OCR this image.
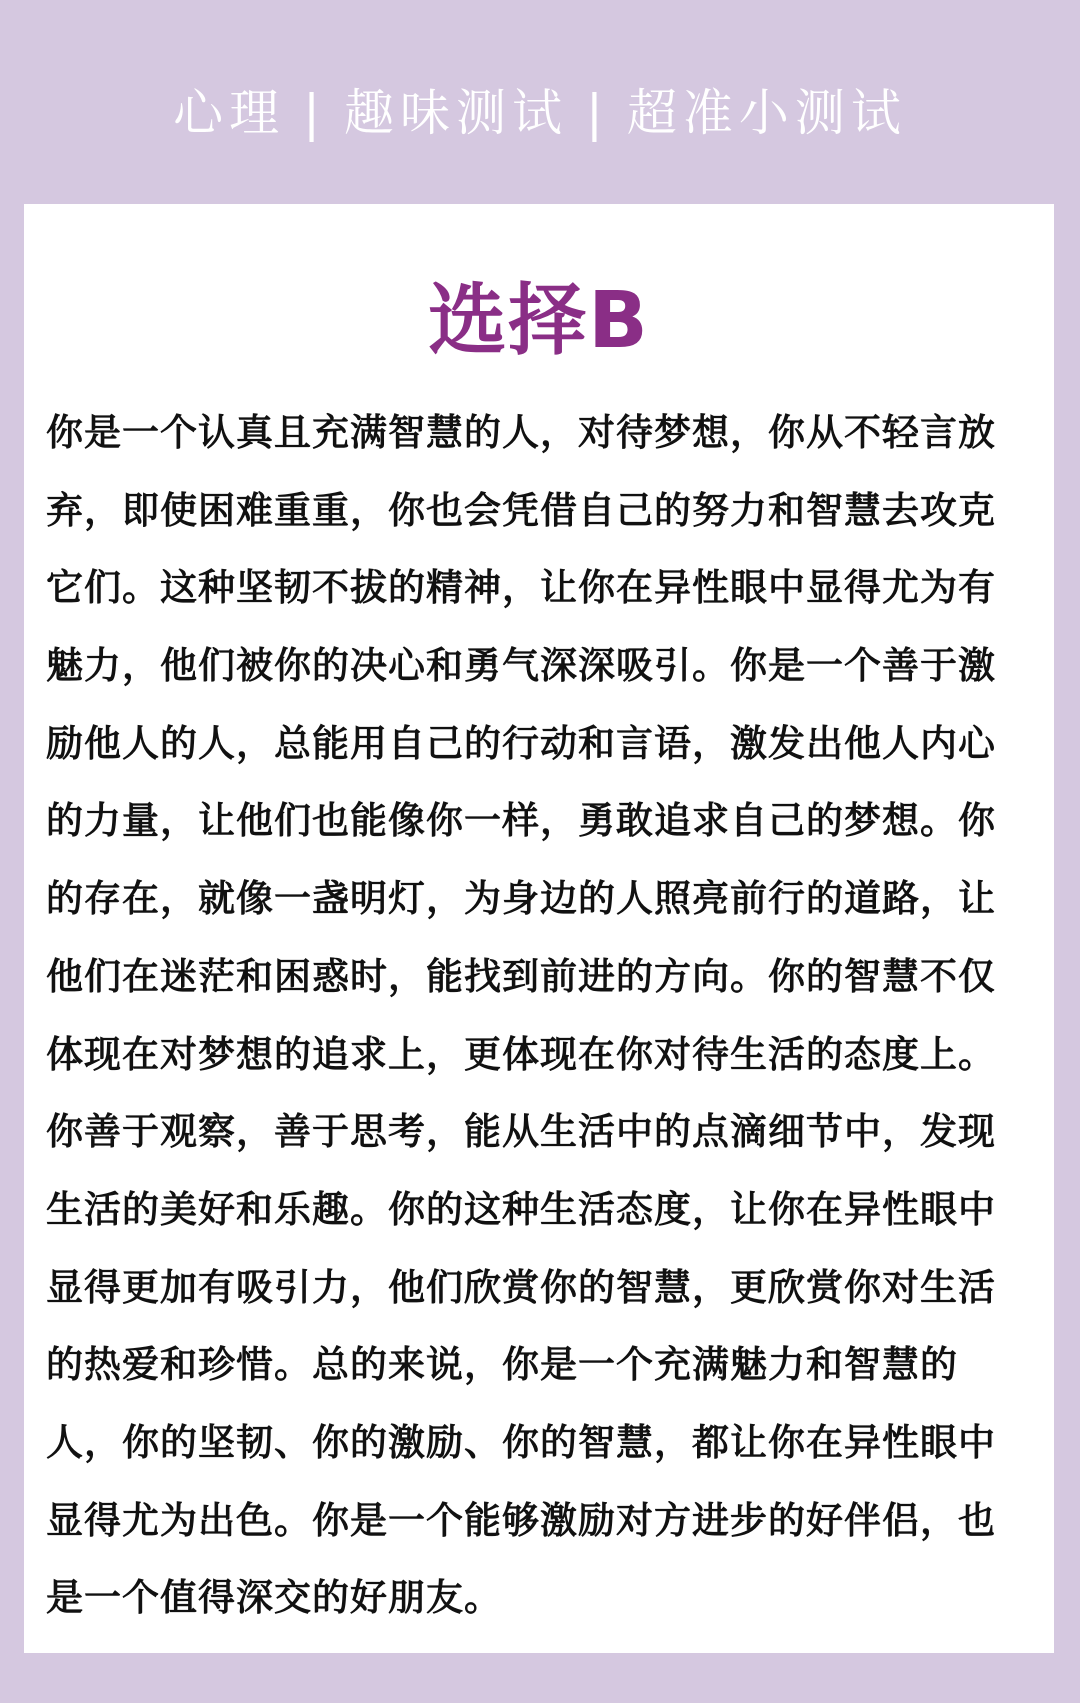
心理 | 趣味测试 | 超准小测试
选择B
你是一个认真且充满智慧的人，对待梦想，你从不轻言放
弃，即使困难重重，你也会凭借自己的努力和智慧去攻克
它们。这种坚韧不拔的精神，让你在异性眼中显得尤为有
魅力，他们被你的决心和勇气深深吸引。你是一个善于激
励他人的人，总能用自己的行动和言语，激发出他人内心
的力量，让他们也能像你一样，勇敢追求自己的梦想。你
的存在，就像一盏明灯，为身边的人照亮前行的道路，让
他们在迷茫和困惑时，能找到前进的方向。你的智慧不仅
体现在对梦想的追求上，更体现在你对待生活的态度上。
你善于观察，善于思考，能从生活中的点滴细节中，发现
生活的美好和乐趣。你的这种生活态度，让你在异性眼中
显得更加有吸引力，他们欣赏你的智慧，更欣赏你对生活
的热爱和珍惜。总的来说，你是一个充满魅力和智慧的
人，你的坚韧、你的激励、你的智慧，都让你在异性眼中
显得尤为出色。你是一个能够激励对方进步的好伴侣，也
是一个值得深交的好朋友。
